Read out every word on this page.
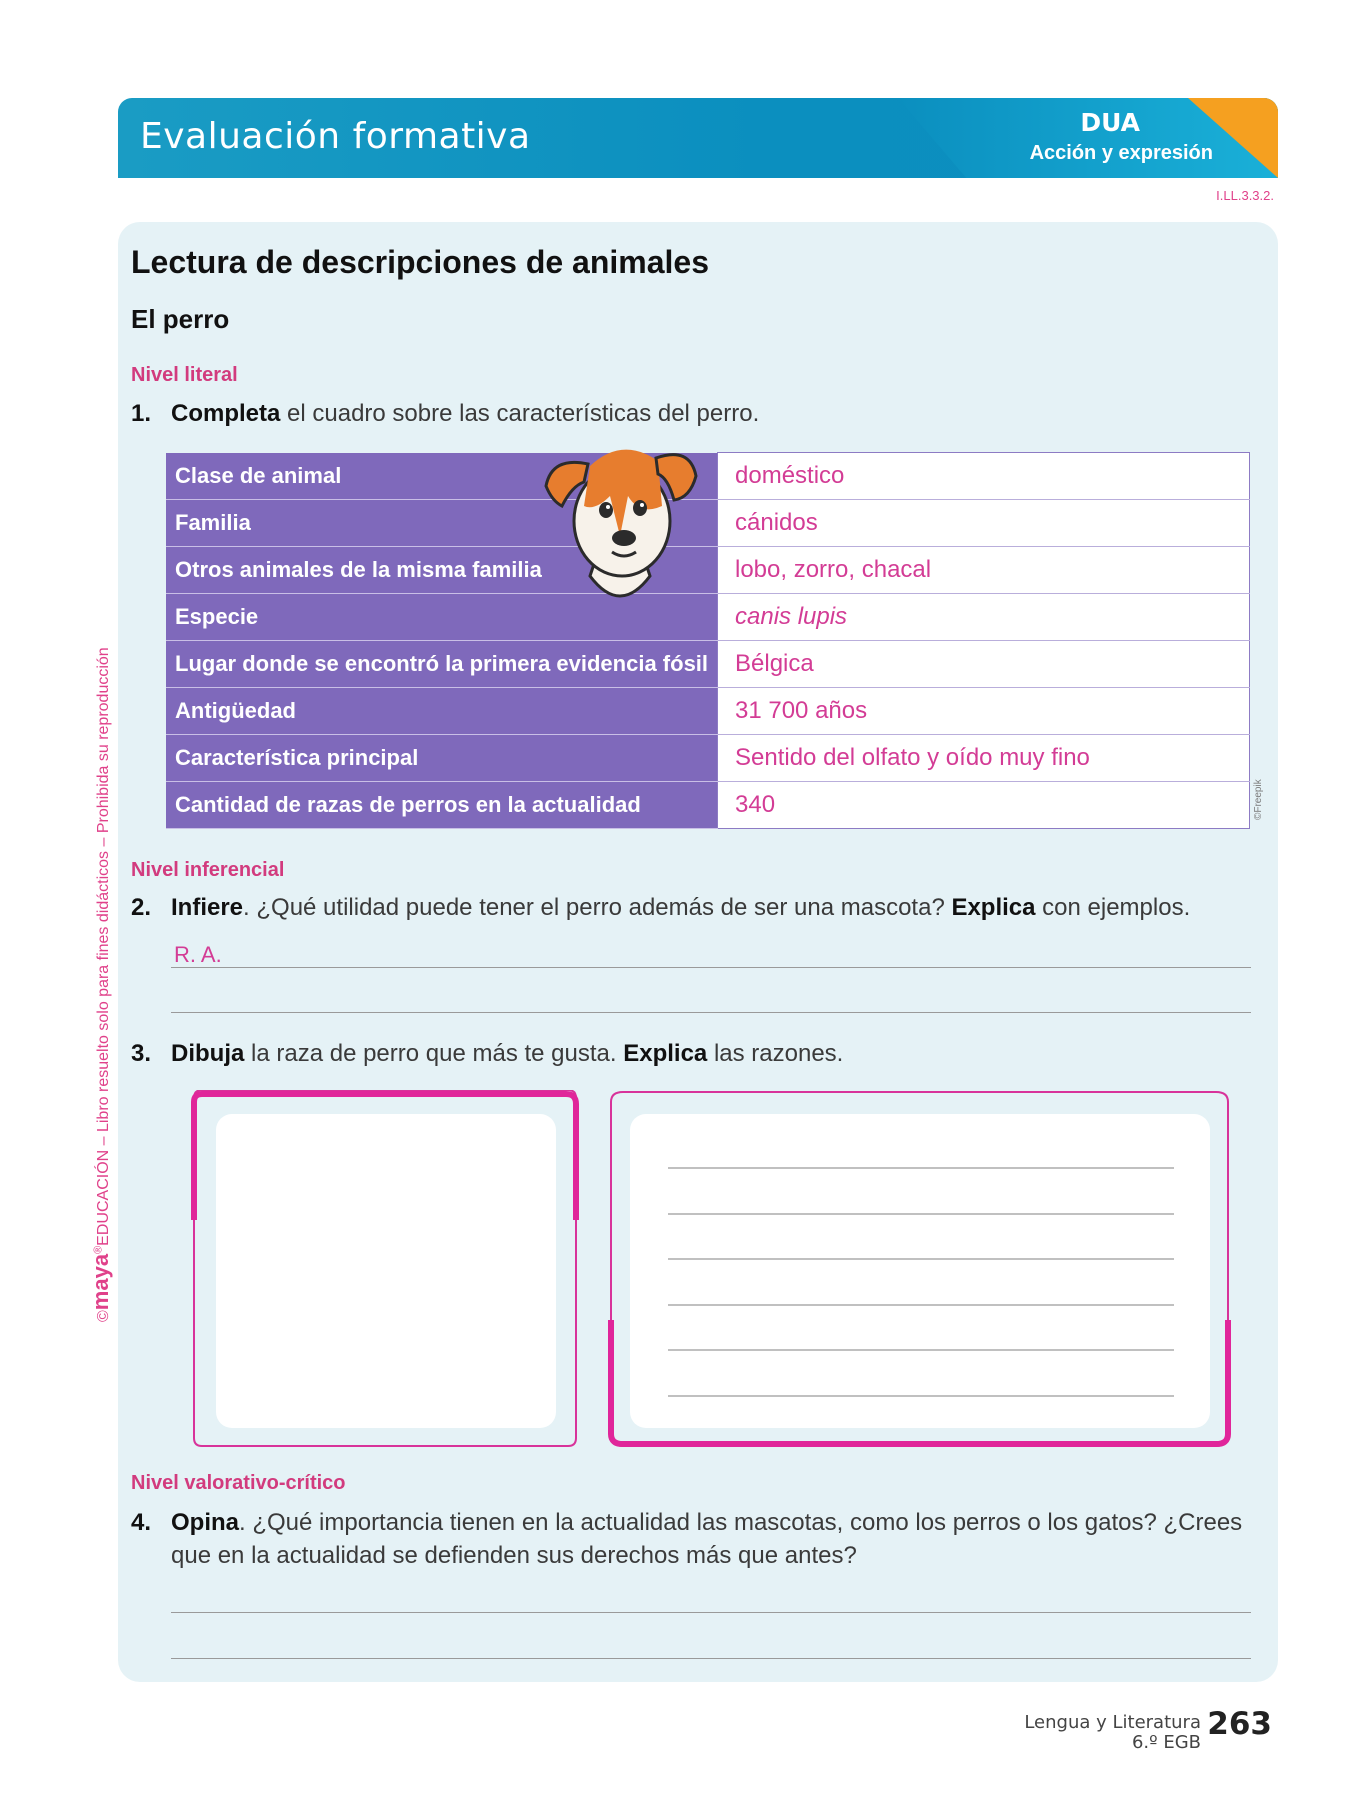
Evaluación formativa	DUA
Acción y expresión
I.LL.3.3.2.
©maya®EDUCACIÓN – Libro resuelto solo para fines didácticos – Prohibida su reproducción
Lectura de descripciones de animales
El perro
Nivel literal
1. Completa el cuadro sobre las características del perro.
Clase de animal	doméstico
Familia	cánidos
Otros animales de la misma familia	lobo, zorro, chacal
Especie	canis lupis
Lugar donde se encontró la primera evidencia fósil	Bélgica
Antigüedad	31 700 años
Característica principal	Sentido del olfato y oído muy fino
Cantidad de razas de perros en la actualidad	340	©Freepik
Nivel inferencial
2. Infiere. ¿Qué utilidad puede tener el perro además de ser una mascota? Explica con ejemplos.
R. A.
3. Dibuja la raza de perro que más te gusta. Explica las razones.
Nivel valorativo-crítico
4. Opina. ¿Qué importancia tienen en la actualidad las mascotas, como los perros o los gatos? ¿Crees que en la actualidad se defienden sus derechos más que antes?
Lengua y Literatura
6.º EGB
263
